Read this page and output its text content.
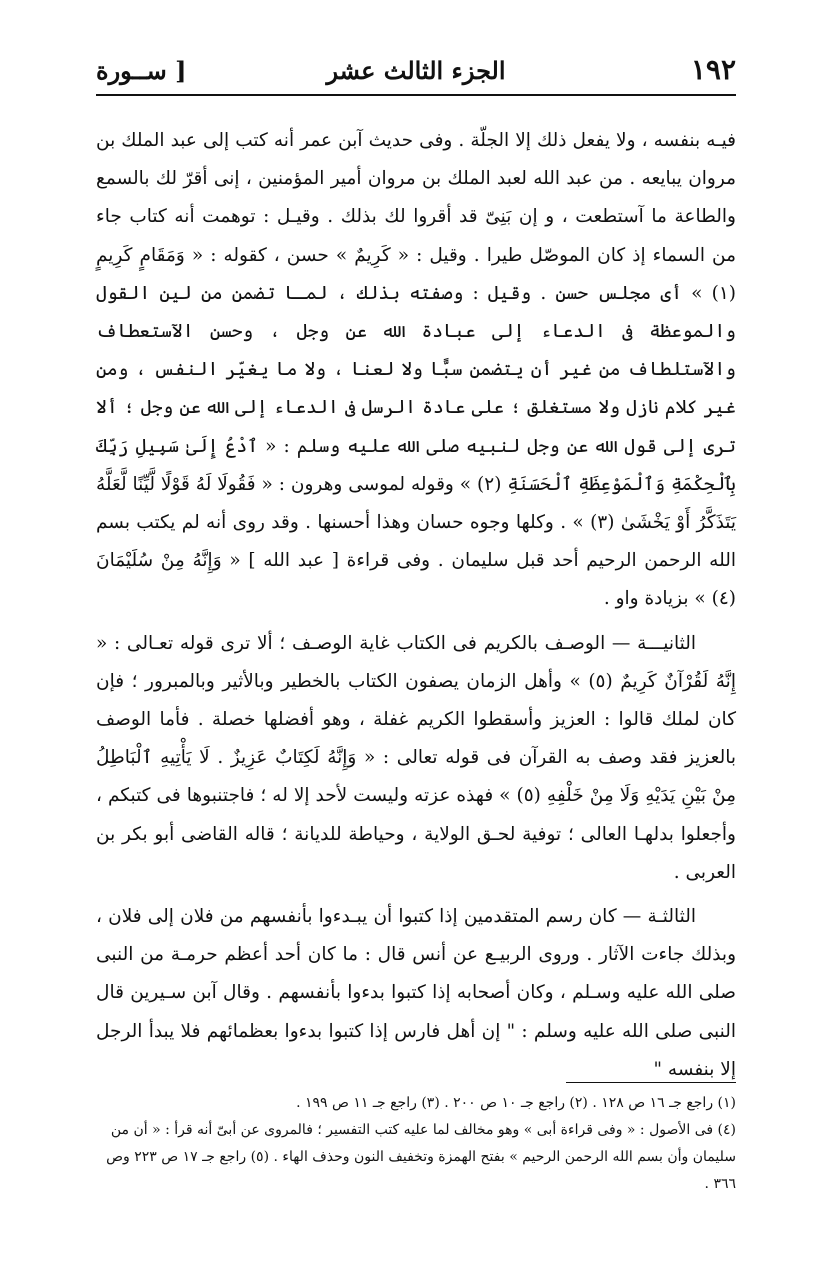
١٩٢
الجزء الثالث عشر
[ ســورة

فيـه بنفسه ، ولا يفعل ذلك إلا الجلّة . وفى حديث آبن عمر أنه كتب إلى عبد الملك بن مروان يبايعه . من عبد الله لعبد الملك بن مروان أمير المؤمنين ، إنى أقرّ لك بالسمع والطاعة ما آستطعت ، و إن بَنِىّ قد أقروا لك بذلك . وقيـل : توهمت أنه كتاب جاء من السماء إذ كان الموصّل طيرا . وقيل : « كَرِيمٌ » حسن ، كقوله : « وَمَقَامٍ كَرِيمٍ (١) » أى مجلس حسن . وقيل : وصفته بذلك ، لمـا تضمن من لين القول والموعظة فى الدعاء إلى عبادة الله عن وجل ، وحسن الآستعطاف والآستلطاف من غير أن يتضمن سبًّا ولا لعنا ، ولا ما يغيّر النفس ، ومن غير كلام نازل ولا مستغلق ؛ على عادة الرسل فى الدعاء إلى الله عن وجل ؛ ألا ترى إلى قول الله عن وجل لنبيه صلى الله عليه وسلم : « ٱدْعُ إِلَىٰ سَبِيلِ رَبِّكَ بِٱلْحِكْمَةِ وَٱلْمَوْعِظَةِ ٱلْحَسَنَةِ (٢) » وقوله لموسى وهرون : « فَقُولَا لَهُ قَوْلًا لَّيِّنًا لَّعَلَّهُ يَتَذَكَّرُ أَوْ يَخْشَىٰ (٣) » . وكلها وجوه حسان وهذا أحسنها . وقد روى أنه لم يكتب بسم الله الرحمن الرحيم أحد قبل سليمان . وفى قراءة [ عبد الله ] « وَإِنَّهُ مِنْ سُلَيْمَانَ (٤) » بزيادة واو .

الثانيـــة — الوصـف بالكريم فى الكتاب غاية الوصـف ؛ ألا ترى قوله تعـالى : « إِنَّهُ لَقُرْآنٌ كَرِيمٌ (٥) » وأهل الزمان يصفون الكتاب بالخطير وبالأثير وبالمبرور ؛ فإن كان لملك قالوا : العزيز وأسقطوا الكريم غفلة ، وهو أفضلها خصلة . فأما الوصف بالعزيز فقد وصف به القرآن فى قوله تعالى : « وَإِنَّهُ لَكِتَابٌ عَزِيزٌ . لَا يَأْتِيهِ ٱلْبَاطِلُ مِنْ بَيْنِ يَدَيْهِ وَلَا مِنْ خَلْفِهِ (٥) » فهذه عزته وليست لأحد إلا له ؛ فاجتنبوها فى كتبكم ، وأجعلوا بدلهـا العالى ؛ توفية لحـق الولاية ، وحياطة للديانة ؛ قاله القاضى أبو بكر بن العربى .

الثالثـة — كان رسم المتقدمين إذا كتبوا أن يبـدءوا بأنفسهم من فلان إلى فلان ، وبذلك جاءت الآثار . وروى الربيـع عن أنس قال : ما كان أحد أعظم حرمـة من النبى صلى الله عليه وسـلم ، وكان أصحابه إذا كتبوا بدءوا بأنفسهم . وقال آبن سـيرين قال النبى صلى الله عليه وسلم : " إن أهل فارس إذا كتبوا بدءوا بعظمائهم فلا يبدأ الرجل إلا بنفسه "

(١) راجع جـ ١٦ ص ١٢٨ . (٢) راجع جـ ١٠ ص ٢٠٠ . (٣) راجع جـ ١١ ص ١٩٩ .

(٤) فى الأصول : « وفى قراءة أبى » وهو مخالف لما عليه كتب التفسير ؛ فالمروى عن أبىّ أنه قرأ : « أن من سليمان وأن بسم الله الرحمن الرحيم » بفتح الهمزة وتخفيف النون وحذف الهاء . (٥) راجع جـ ١٧ ص ٢٢٣ وص ٣٦٦ .
